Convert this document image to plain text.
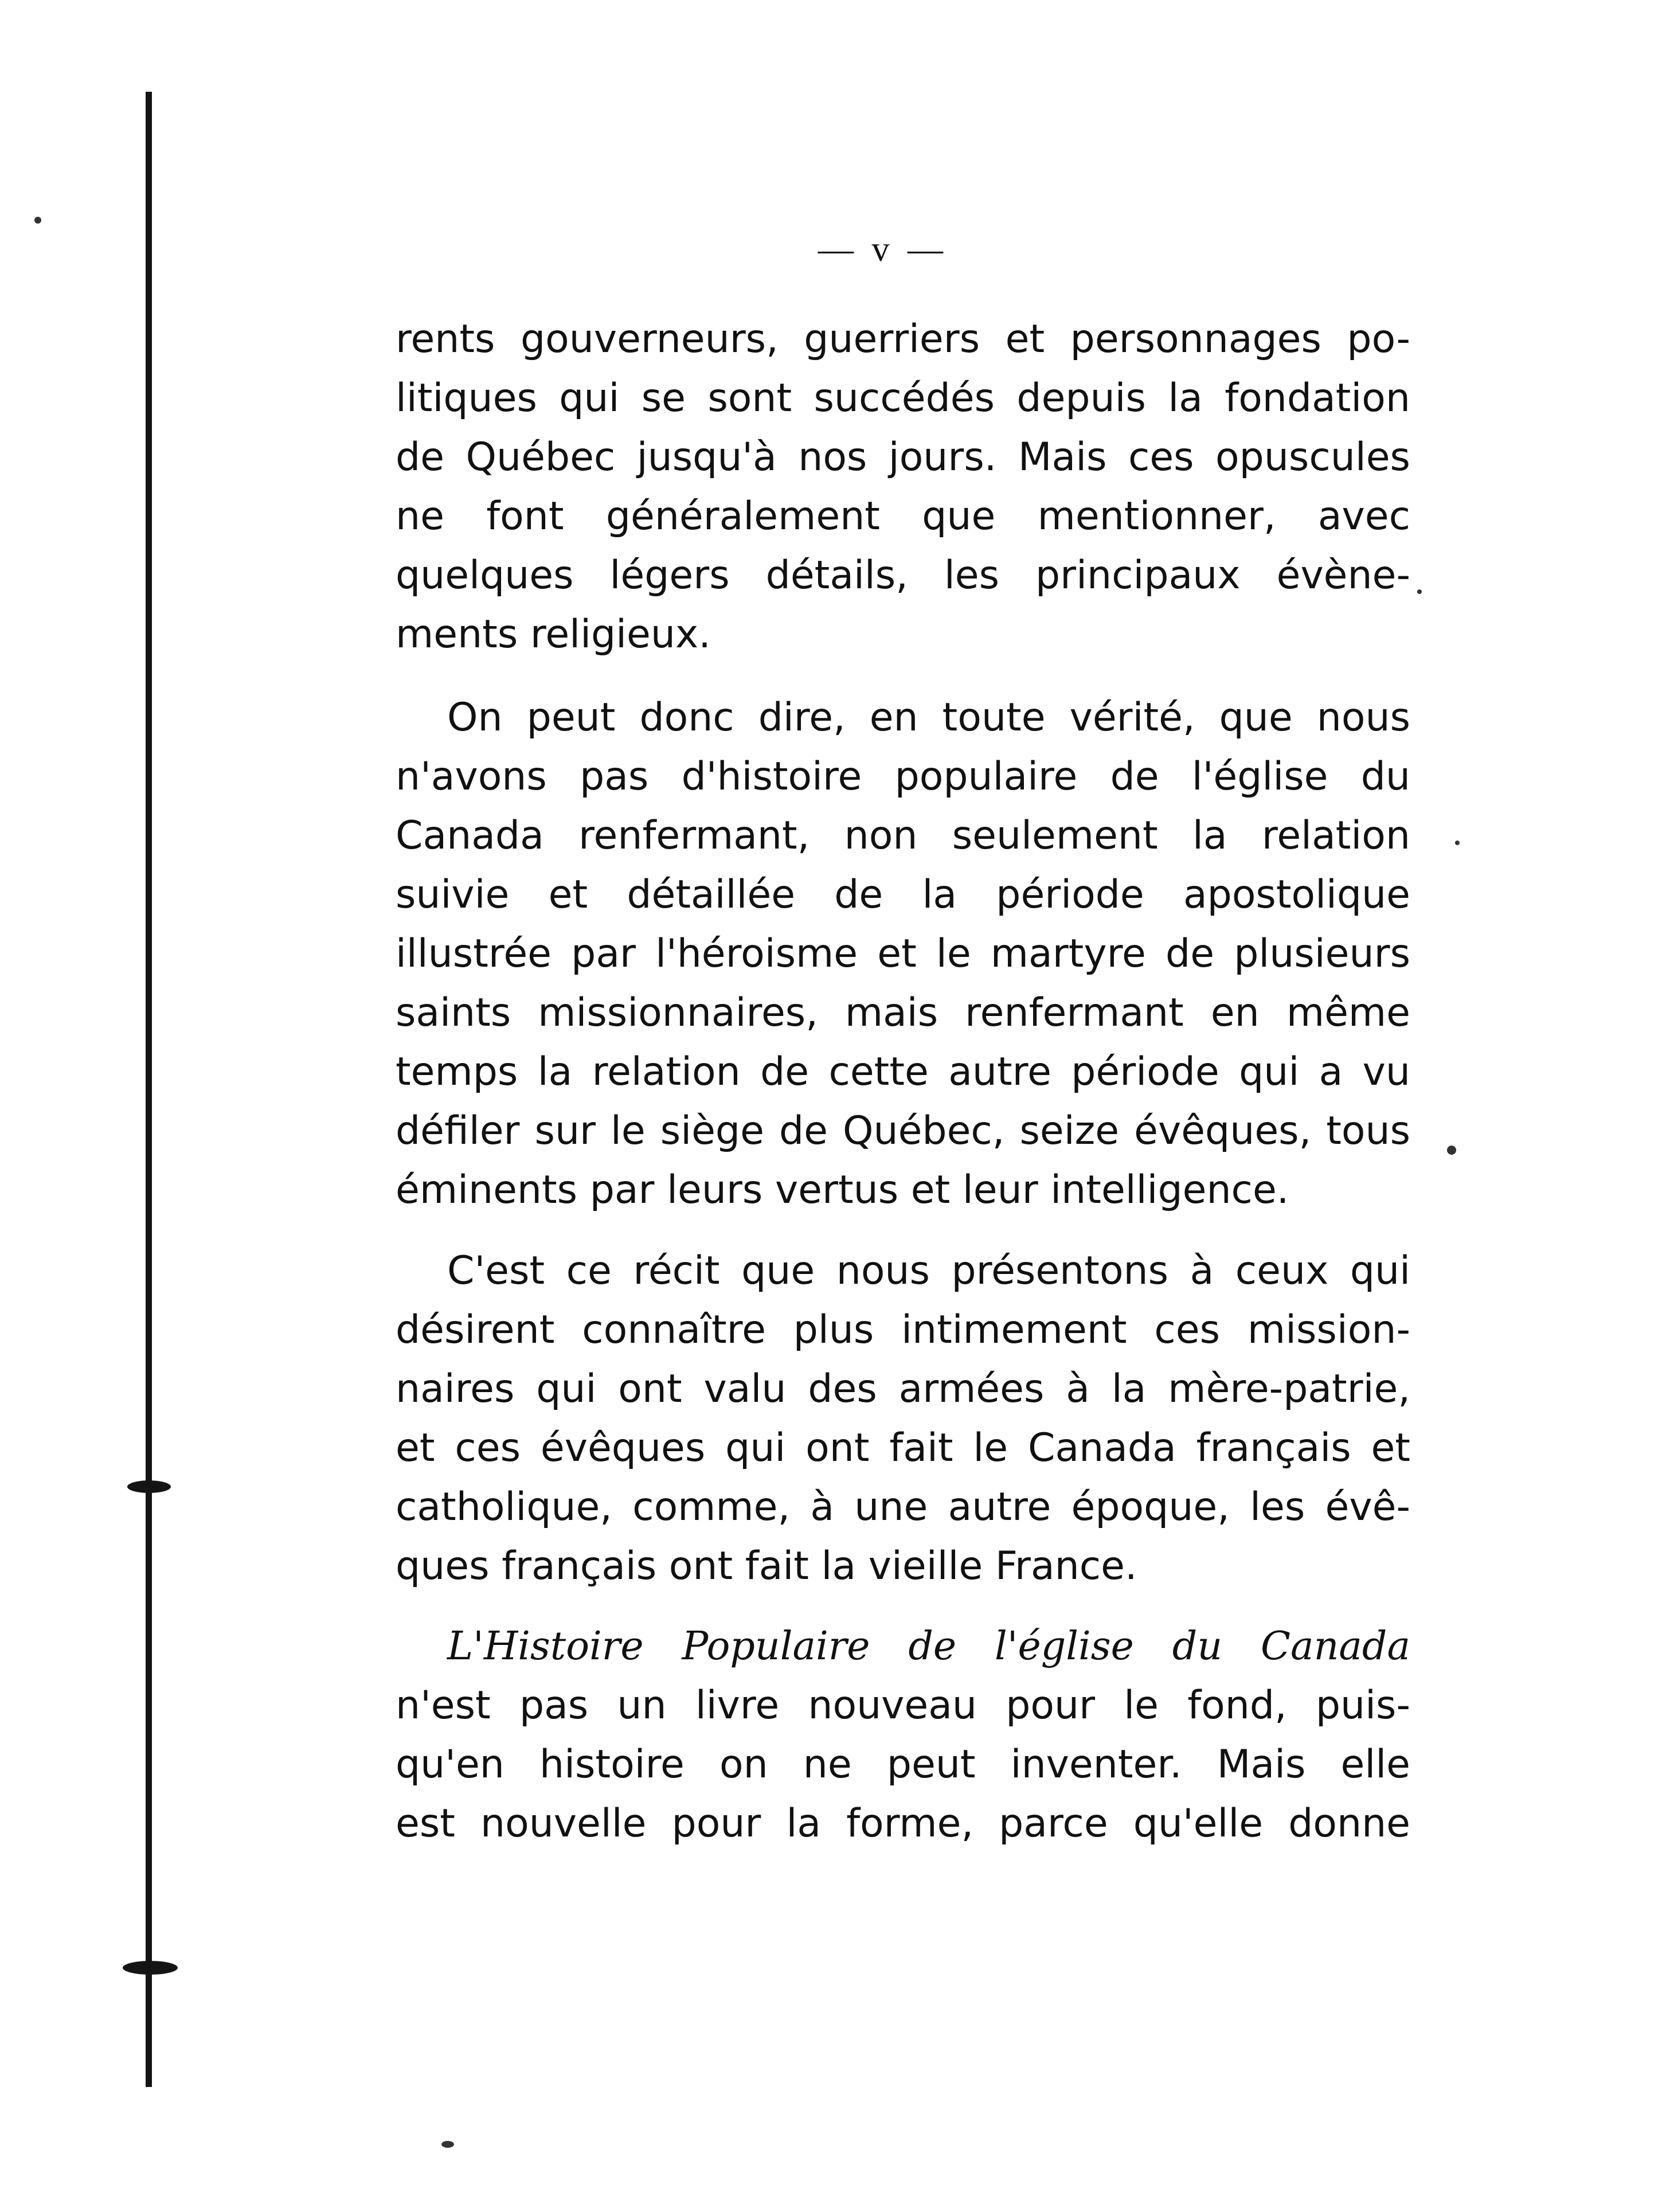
— v —
rents gouverneurs, guerriers et personnages po-
litiques qui se sont succédés depuis la fondation
de Québec jusqu'à nos jours. Mais ces opuscules
ne font généralement que mentionner, avec
quelques légers détails, les principaux évène-
ments religieux.
On peut donc dire, en toute vérité, que nous
n'avons pas d'histoire populaire de l'église du
Canada renfermant, non seulement la relation
suivie et détaillée de la période apostolique
illustrée par l'héroisme et le martyre de plusieurs
saints missionnaires, mais renfermant en même
temps la relation de cette autre période qui a vu
défiler sur le siège de Québec, seize évêques, tous
éminents par leurs vertus et leur intelligence.
C'est ce récit que nous présentons à ceux qui
désirent connaître plus intimement ces mission-
naires qui ont valu des armées à la mère-patrie,
et ces évêques qui ont fait le Canada français et
catholique, comme, à une autre époque, les évê-
ques français ont fait la vieille France.
L'Histoire Populaire de l'église du Canada
n'est pas un livre nouveau pour le fond, puis-
qu'en histoire on ne peut inventer. Mais elle
est nouvelle pour la forme, parce qu'elle donne
